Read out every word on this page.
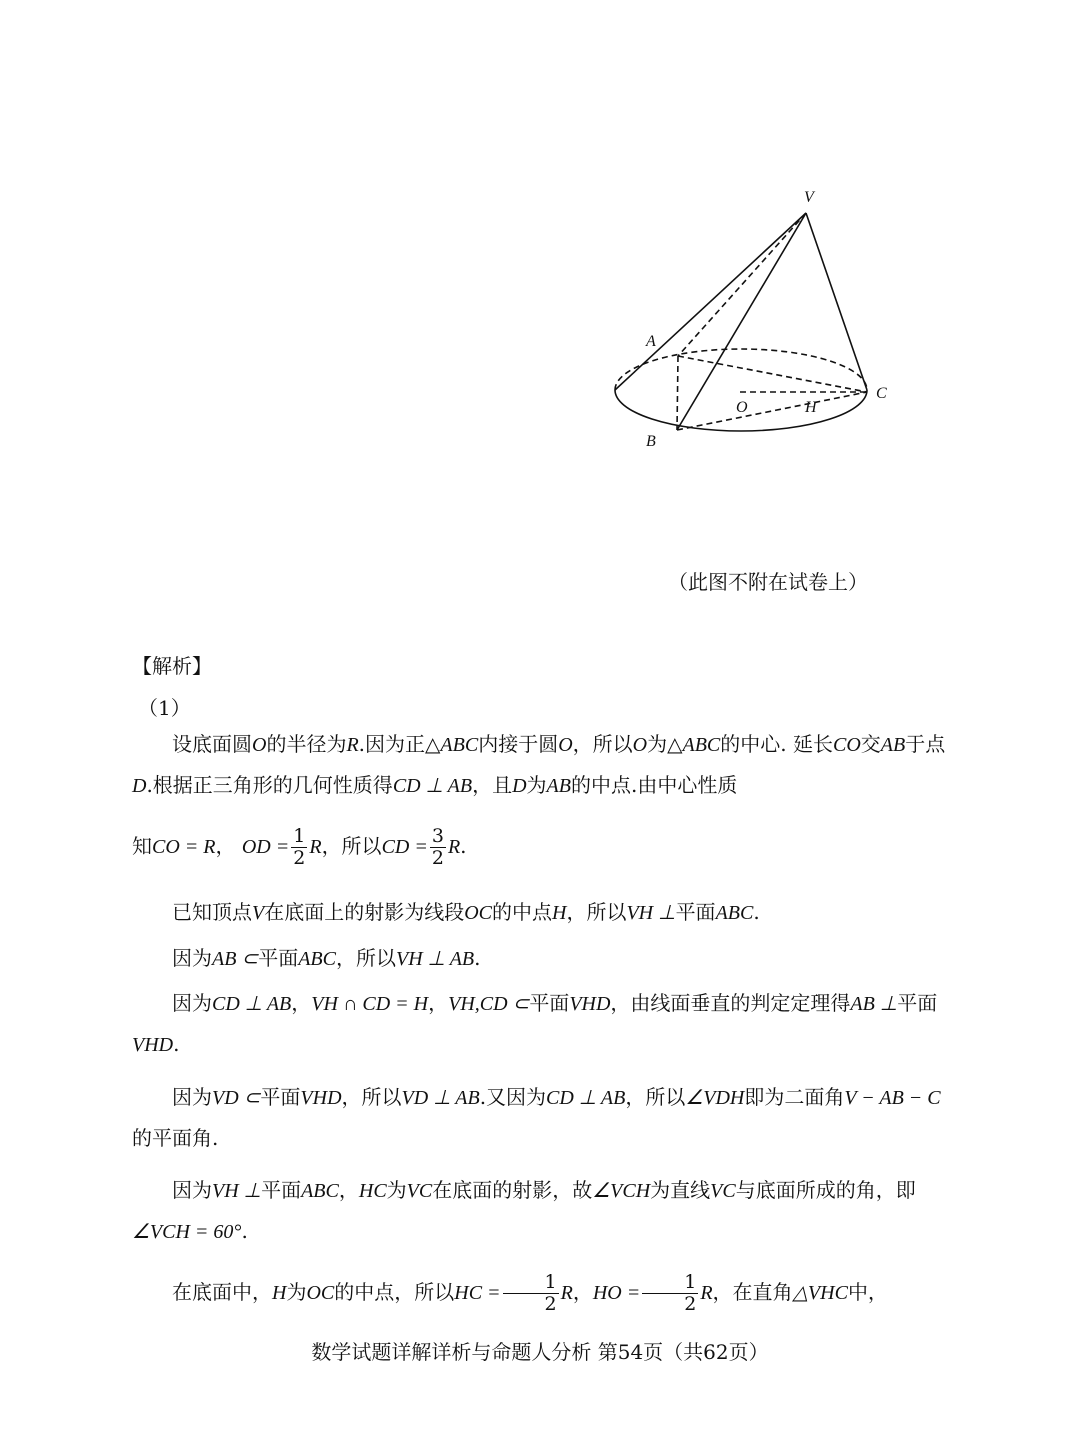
V
A
B
C
O	H
（此图不附在试卷上）
【解析】
（1）
设底面圆O的半径为R.因为正△ABC内接于圆O，所以O为△ABC的中心. 延长CO交AB于点D.根据正三角形的几何性质得CD ⊥ AB，且D为AB的中点.由中心性质
知CO = R， OD = $\frac{1}{2}$ R，所以CD = $\frac{3}{2} R$.
已知顶点V在底面上的射影为线段OC的中点H，所以VH ⊥平面ABC.
因为AB ⊂平面ABC，所以VH ⊥ AB.
因为CD ⊥ AB，VH ∩ CD = H，VH,CD ⊂平面VHD，由线面垂直的判定定理得AB ⊥平面VHD.
因为VD ⊂平面VHD，所以VD ⊥ AB.又因为CD ⊥ AB，所以∠VDH即为二面角V − AB − C的平面角.
因为VH ⊥平面ABC，HC为VC在底面的射影，故∠VCH为直线VC与底面所成的角，即∠VCH = 60°.
在底面中，H为OC的中点，所以HC = $\frac{1}{2}$ R，HO = $\frac{1}{2}$ R，在直角△VHC中，
数学试题详解详析与命题人分析 第54页（共62页）
